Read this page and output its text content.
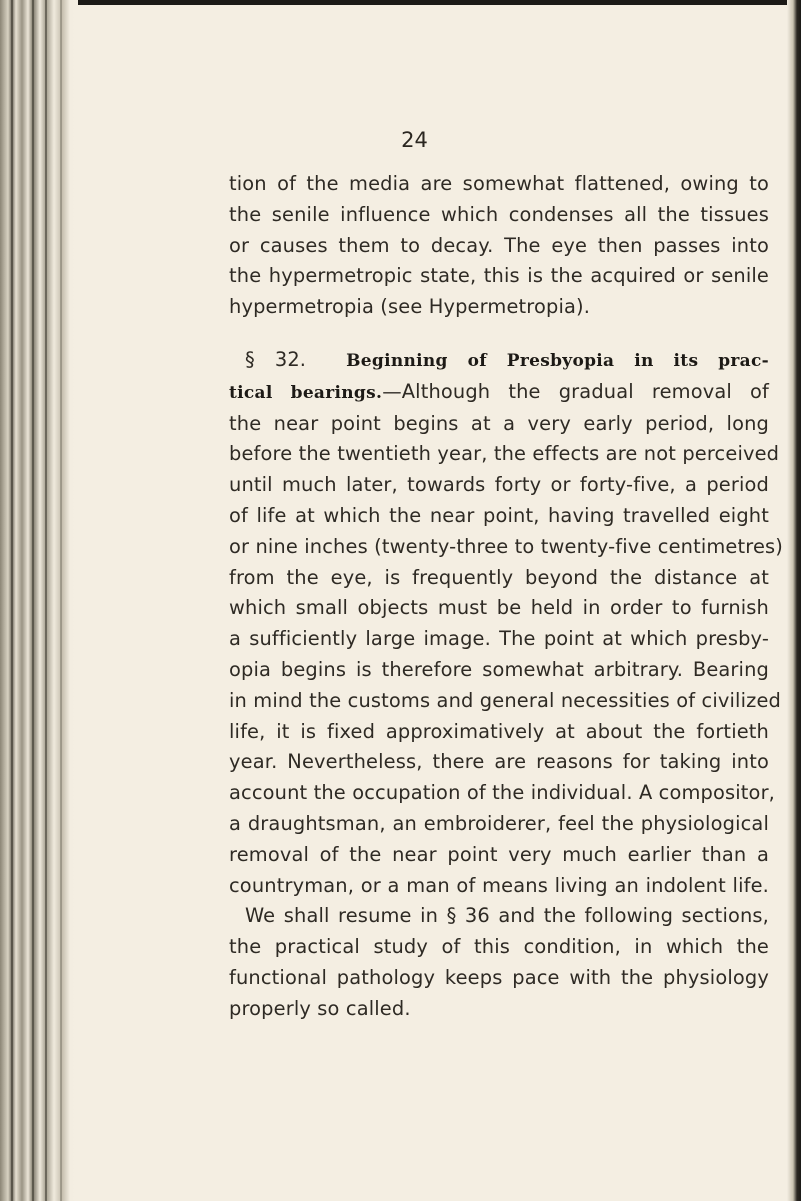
24
tion of the media are somewhat flattened, owing to
the senile influence which condenses all the tissues
or causes them to decay. The eye then passes into
the hypermetropic state, this is the acquired or senile
hypermetropia (see Hypermetropia).
§ 32. Beginning of Presbyopia in its prac-
tical bearings.—Although the gradual removal of
the near point begins at a very early period, long
before the twentieth year, the effects are not perceived
until much later, towards forty or forty-five, a period
of life at which the near point, having travelled eight
or nine inches (twenty-three to twenty-five centimetres)
from the eye, is frequently beyond the distance at
which small objects must be held in order to furnish
a sufficiently large image. The point at which presby-
opia begins is therefore somewhat arbitrary. Bearing
in mind the customs and general necessities of civilized
life, it is fixed approximatively at about the fortieth
year. Nevertheless, there are reasons for taking into
account the occupation of the individual. A compositor,
a draughtsman, an embroiderer, feel the physiological
removal of the near point very much earlier than a
countryman, or a man of means living an indolent life.
We shall resume in § 36 and the following sections,
the practical study of this condition, in which the
functional pathology keeps pace with the physiology
properly so called.
